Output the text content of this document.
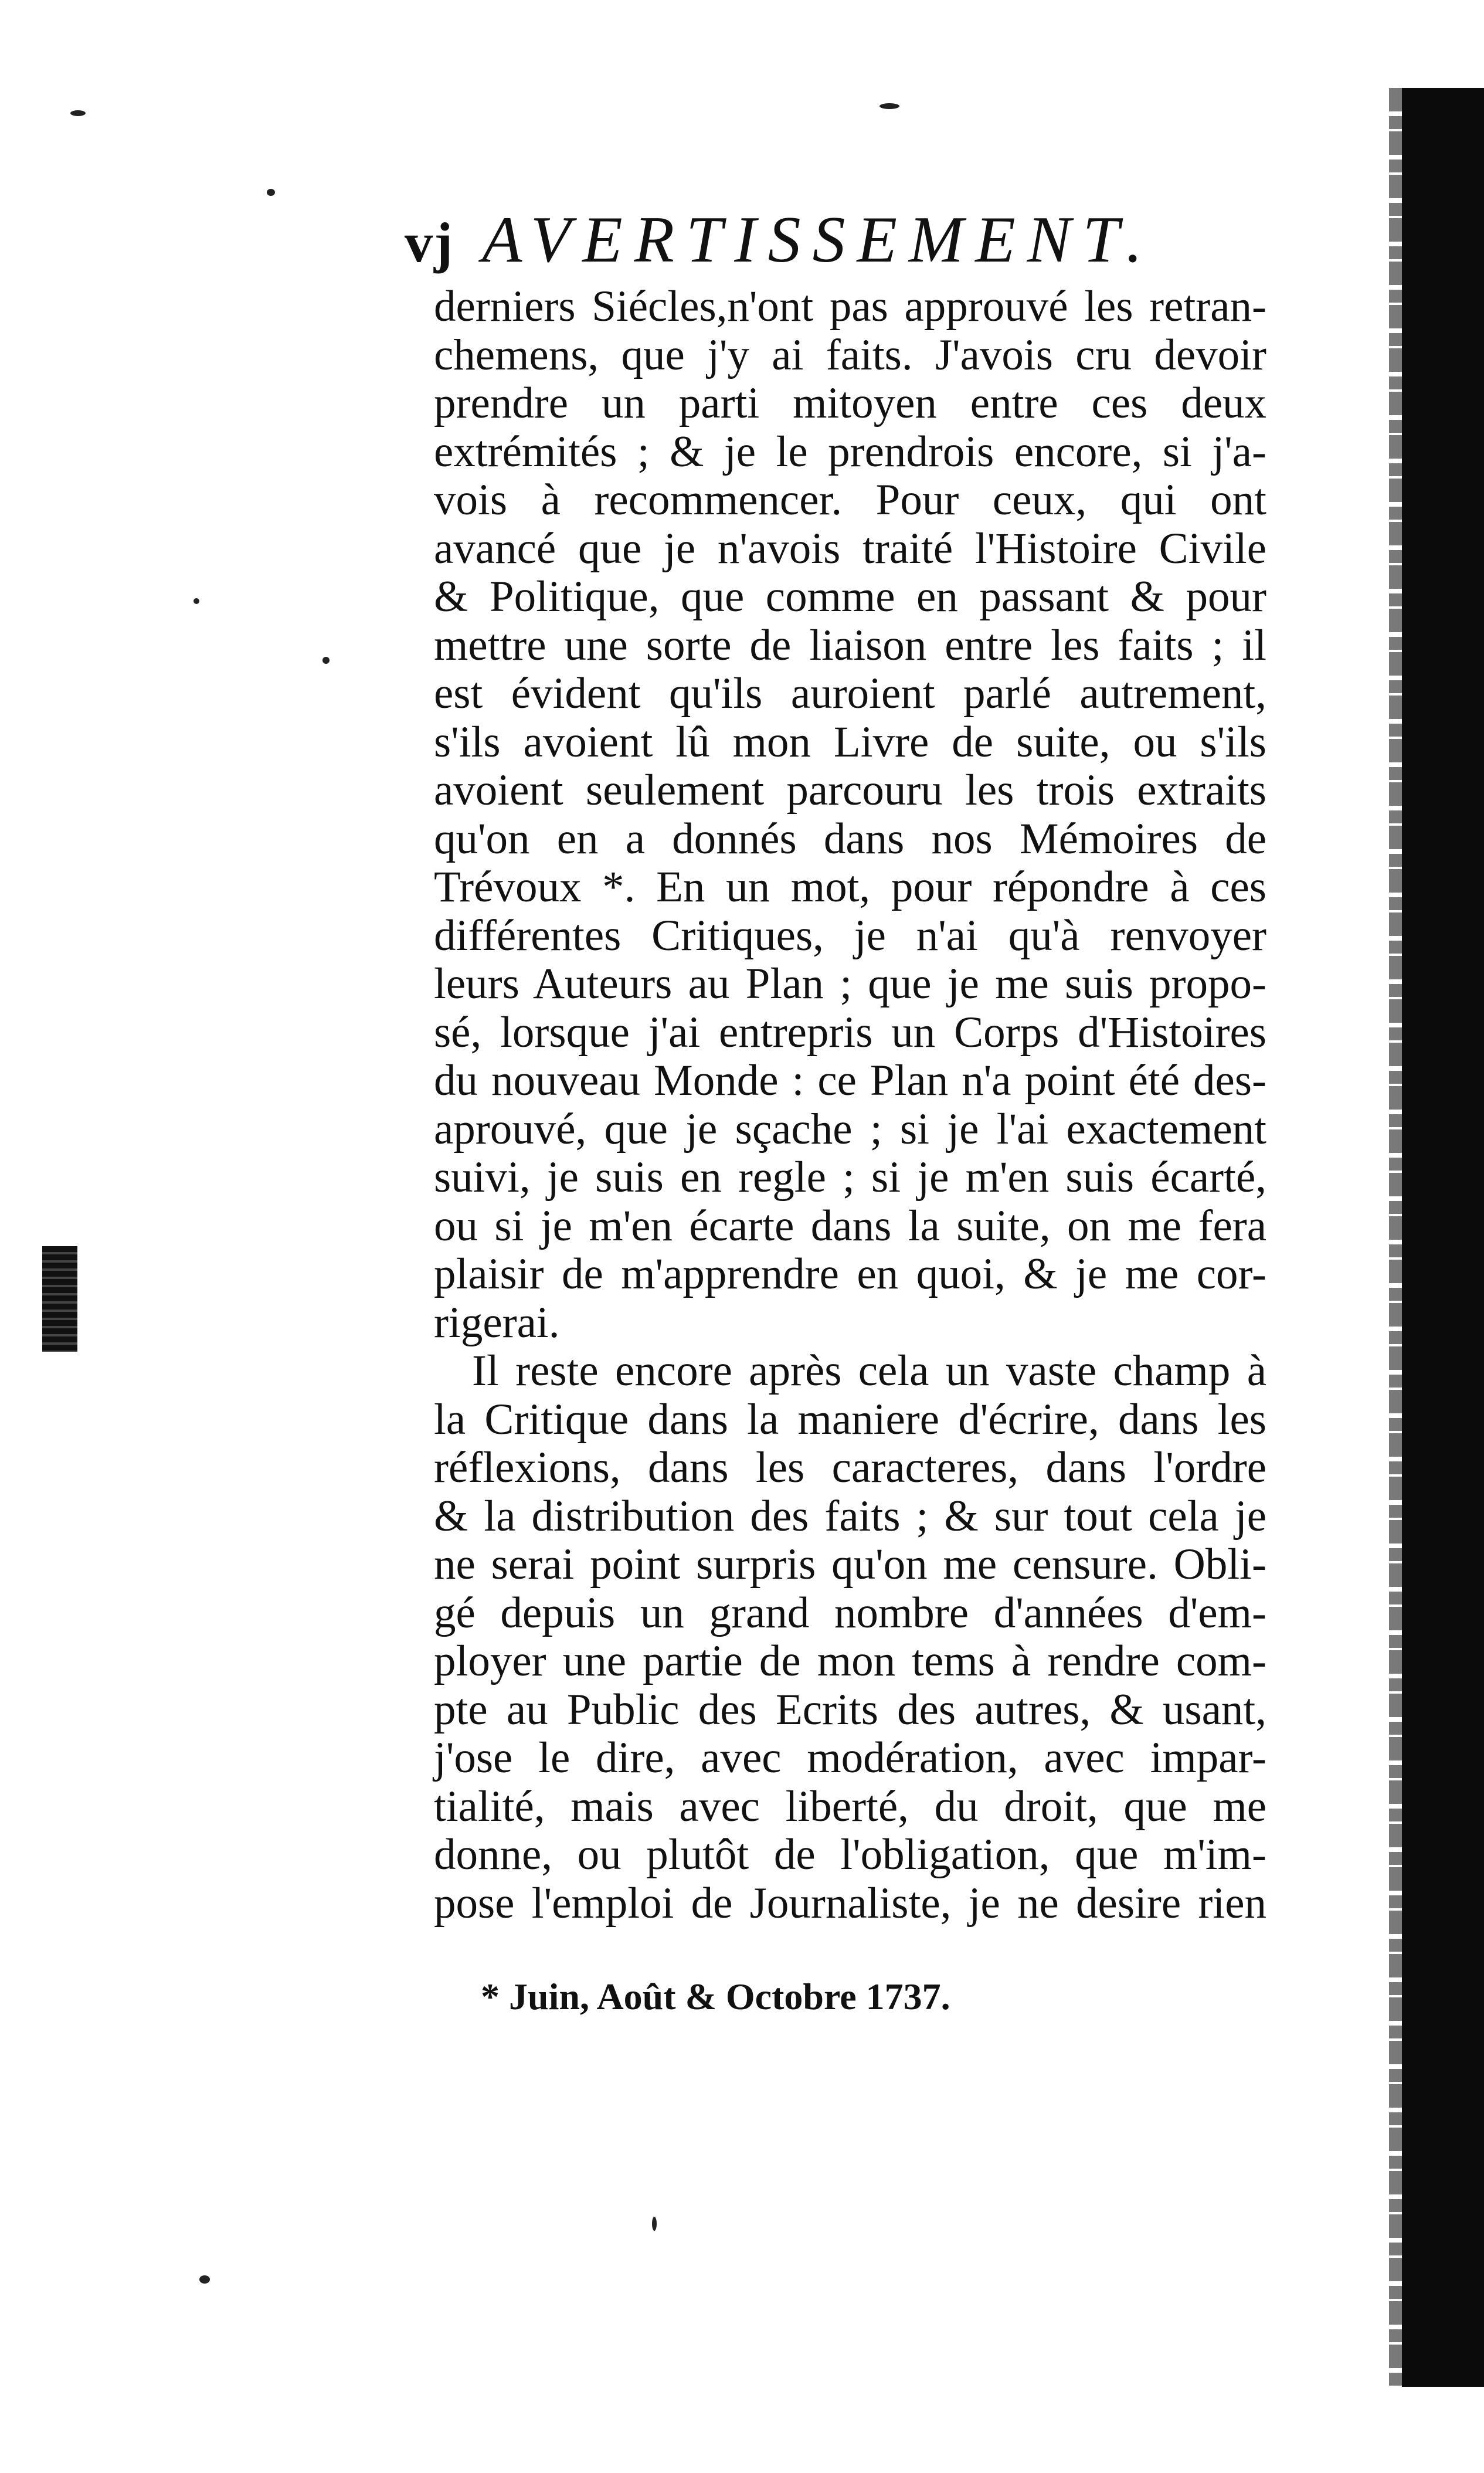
vj AVERTISSEMENT.
derniers Siécles,n'ont pas approuvé les retran-
chemens, que j'y ai faits. J'avois cru devoir
prendre un parti mitoyen entre ces deux
extrémités ; & je le prendrois encore, si j'a-
vois à recommencer. Pour ceux, qui ont
avancé que je n'avois traité l'Histoire Civile
& Politique, que comme en passant & pour
mettre une sorte de liaison entre les faits ; il
est évident qu'ils auroient parlé autrement,
s'ils avoient lû mon Livre de suite, ou s'ils
avoient seulement parcouru les trois extraits
qu'on en a donnés dans nos Mémoires de
Trévoux *. En un mot, pour répondre à ces
différentes Critiques, je n'ai qu'à renvoyer
leurs Auteurs au Plan ; que je me suis propo-
sé, lorsque j'ai entrepris un Corps d'Histoires
du nouveau Monde : ce Plan n'a point été des-
aprouvé, que je sçache ; si je l'ai exactement
suivi, je suis en regle ; si je m'en suis écarté,
ou si je m'en écarte dans la suite, on me fera
plaisir de m'apprendre en quoi, & je me cor-
rigerai.
Il reste encore après cela un vaste champ à
la Critique dans la maniere d'écrire, dans les
réflexions, dans les caracteres, dans l'ordre
& la distribution des faits ; & sur tout cela je
ne serai point surpris qu'on me censure. Obli-
gé depuis un grand nombre d'années d'em-
ployer une partie de mon tems à rendre com-
pte au Public des Ecrits des autres, & usant,
j'ose le dire, avec modération, avec impar-
tialité, mais avec liberté, du droit, que me
donne, ou plutôt de l'obligation, que m'im-
pose l'emploi de Journaliste, je ne desire rien
* Juin, Août & Octobre 1737.
